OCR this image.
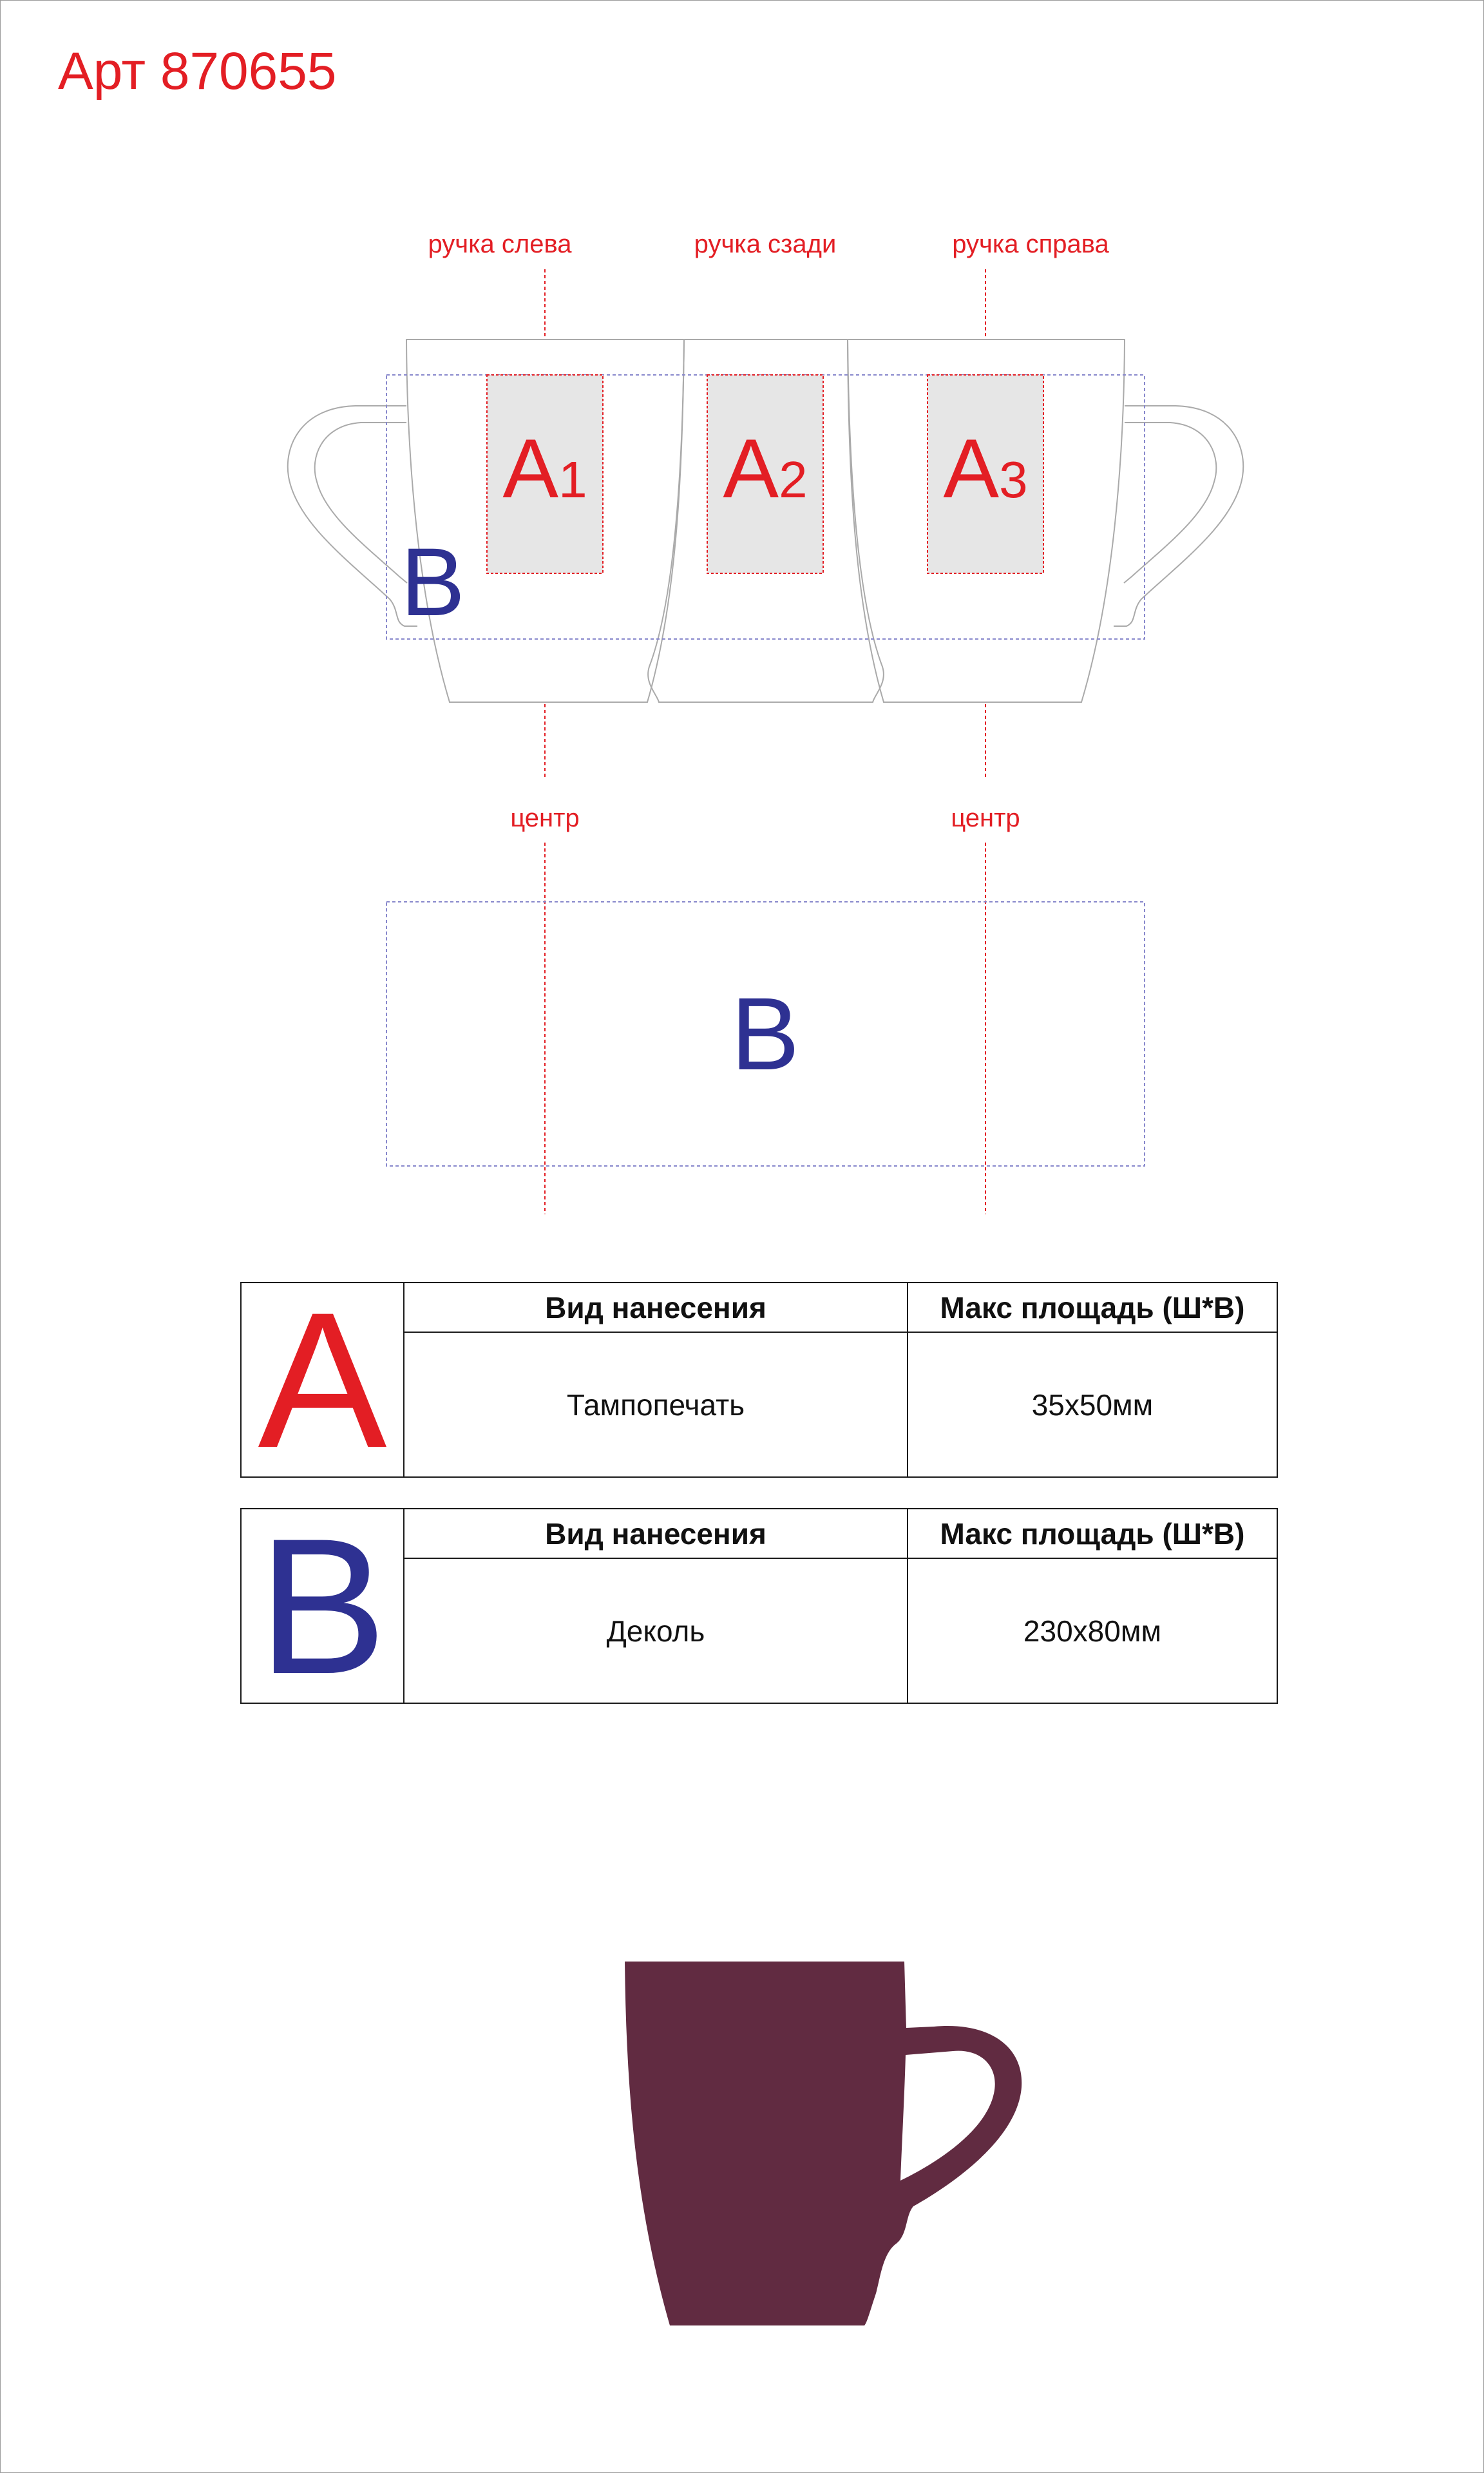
Арт 870655
ручка слева	ручка сзади	ручка справа
A1 A2 A3
B
центр	центр
B
A	Вид нанесения	Макс площадь (Ш*В)
	Тампопечать	35x50мм
B	Вид нанесения	Макс площадь (Ш*В)
	Деколь	230x80мм
